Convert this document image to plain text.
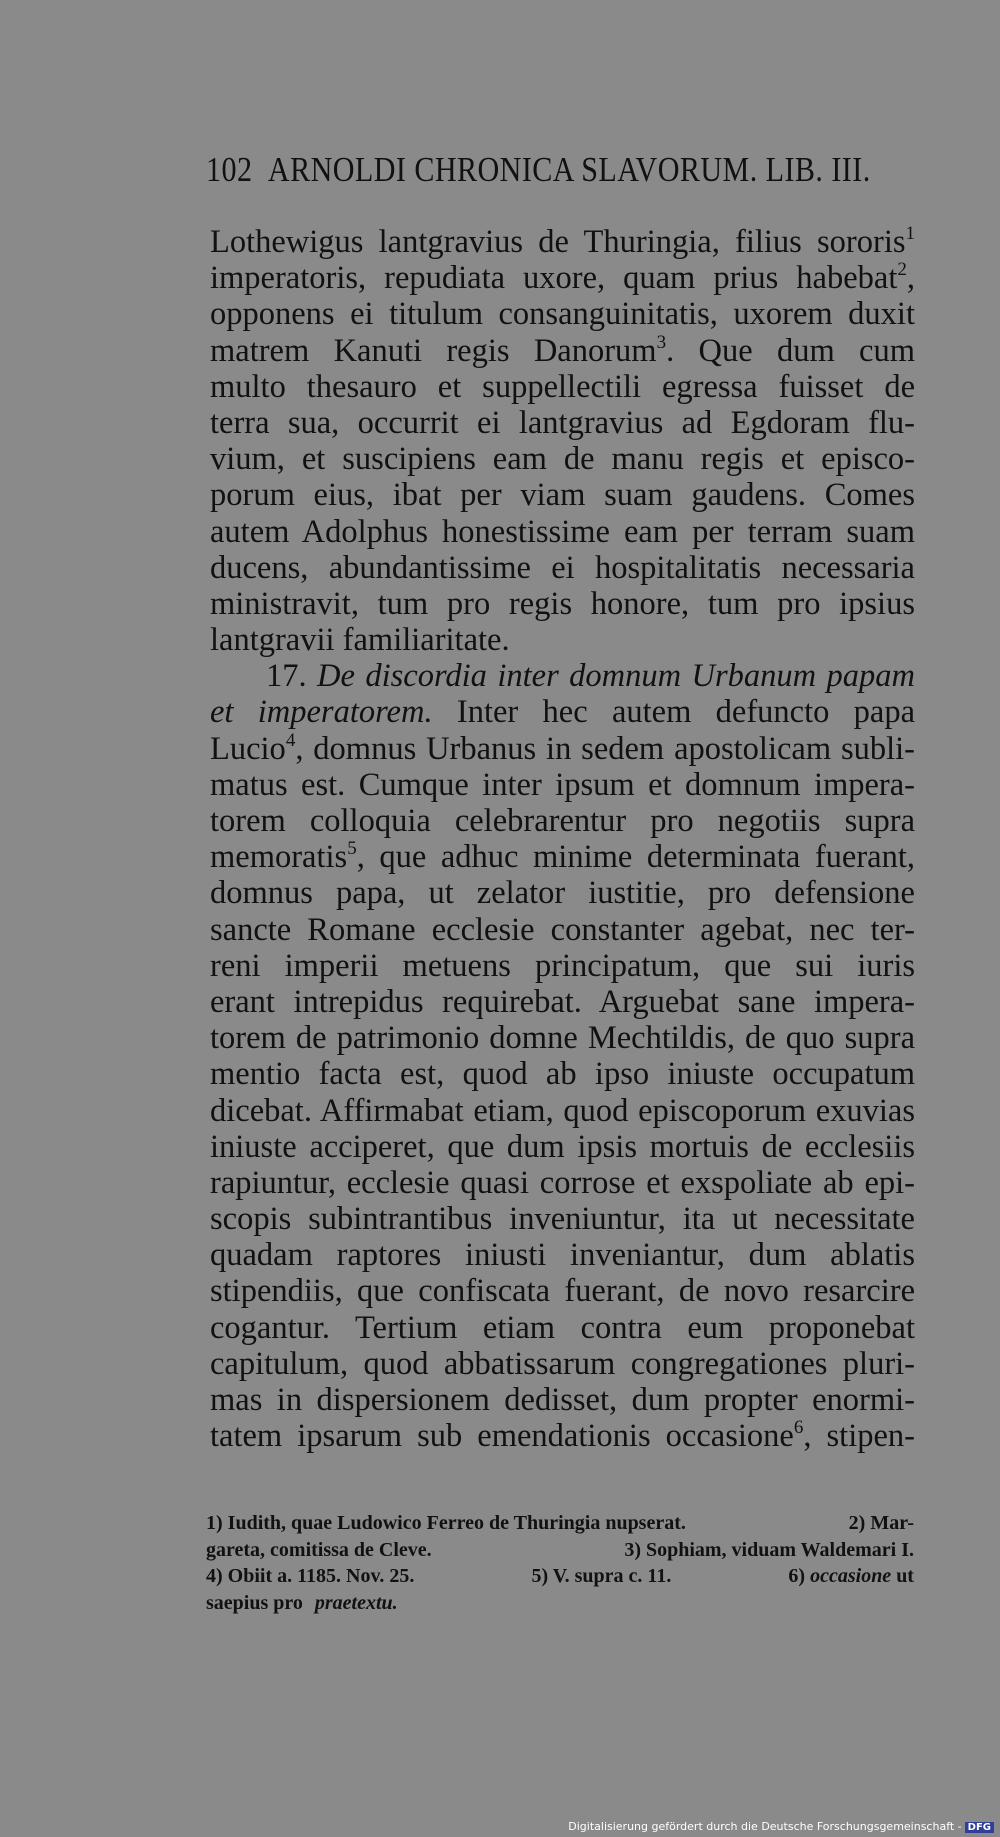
102 ARNOLDI CHRONICA SLAVORUM. LIB. III.
Lothewigus lantgravius de Thuringia, filius sororis$^1$
imperatoris, repudiata uxore, quam prius habebat$^2$,
opponens ei titulum consanguinitatis, uxorem duxit
matrem Kanuti regis Danorum$^3$. Que dum cum
multo thesauro et suppellectili egressa fuisset de
terra sua, occurrit ei lantgravius ad Egdoram flu-
vium, et suscipiens eam de manu regis et episco-
porum eius, ibat per viam suam gaudens. Comes
autem Adolphus honestissime eam per terram suam
ducens, abundantissime ei hospitalitatis necessaria
ministravit, tum pro regis honore, tum pro ipsius
lantgravii familiaritate.
17. De discordia inter domnum Urbanum papam
et imperatorem. Inter hec autem defuncto papa
Lucio$^4$, domnus Urbanus in sedem apostolicam subli-
matus est. Cumque inter ipsum et domnum impera-
torem colloquia celebrarentur pro negotiis supra
memoratis$^5$, que adhuc minime determinata fuerant,
domnus papa, ut zelator iustitie, pro defensione
sancte Romane ecclesie constanter agebat, nec ter-
reni imperii metuens principatum, que sui iuris
erant intrepidus requirebat. Arguebat sane impera-
torem de patrimonio domne Mechtildis, de quo supra
mentio facta est, quod ab ipso iniuste occupatum
dicebat. Affirmabat etiam, quod episcoporum exuvias
iniuste acciperet, que dum ipsis mortuis de ecclesiis
rapiuntur, ecclesie quasi corrose et exspoliate ab epi-
scopis subintrantibus inveniuntur, ita ut necessitate
quadam raptores iniusti inveniantur, dum ablatis
stipendiis, que confiscata fuerant, de novo resarcire
cogantur. Tertium etiam contra eum proponebat
capitulum, quod abbatissarum congregationes pluri-
mas in dispersionem dedisset, dum propter enormi-
tatem ipsarum sub emendationis occasione$^6$, stipen-
1) Iudith, quae Ludowico Ferreo de Thuringia nupserat.	2) Mar-
gareta, comitissa de Cleve.	3) Sophiam, viduam Waldemari I.
4) Obiit a. 1185. Nov. 25.	5) V. supra c. 11.	6) occasione ut
saepius pro praetextu.
Digitalisierung gefördert durch die Deutsche Forschungsgemeinschaft - DFG
